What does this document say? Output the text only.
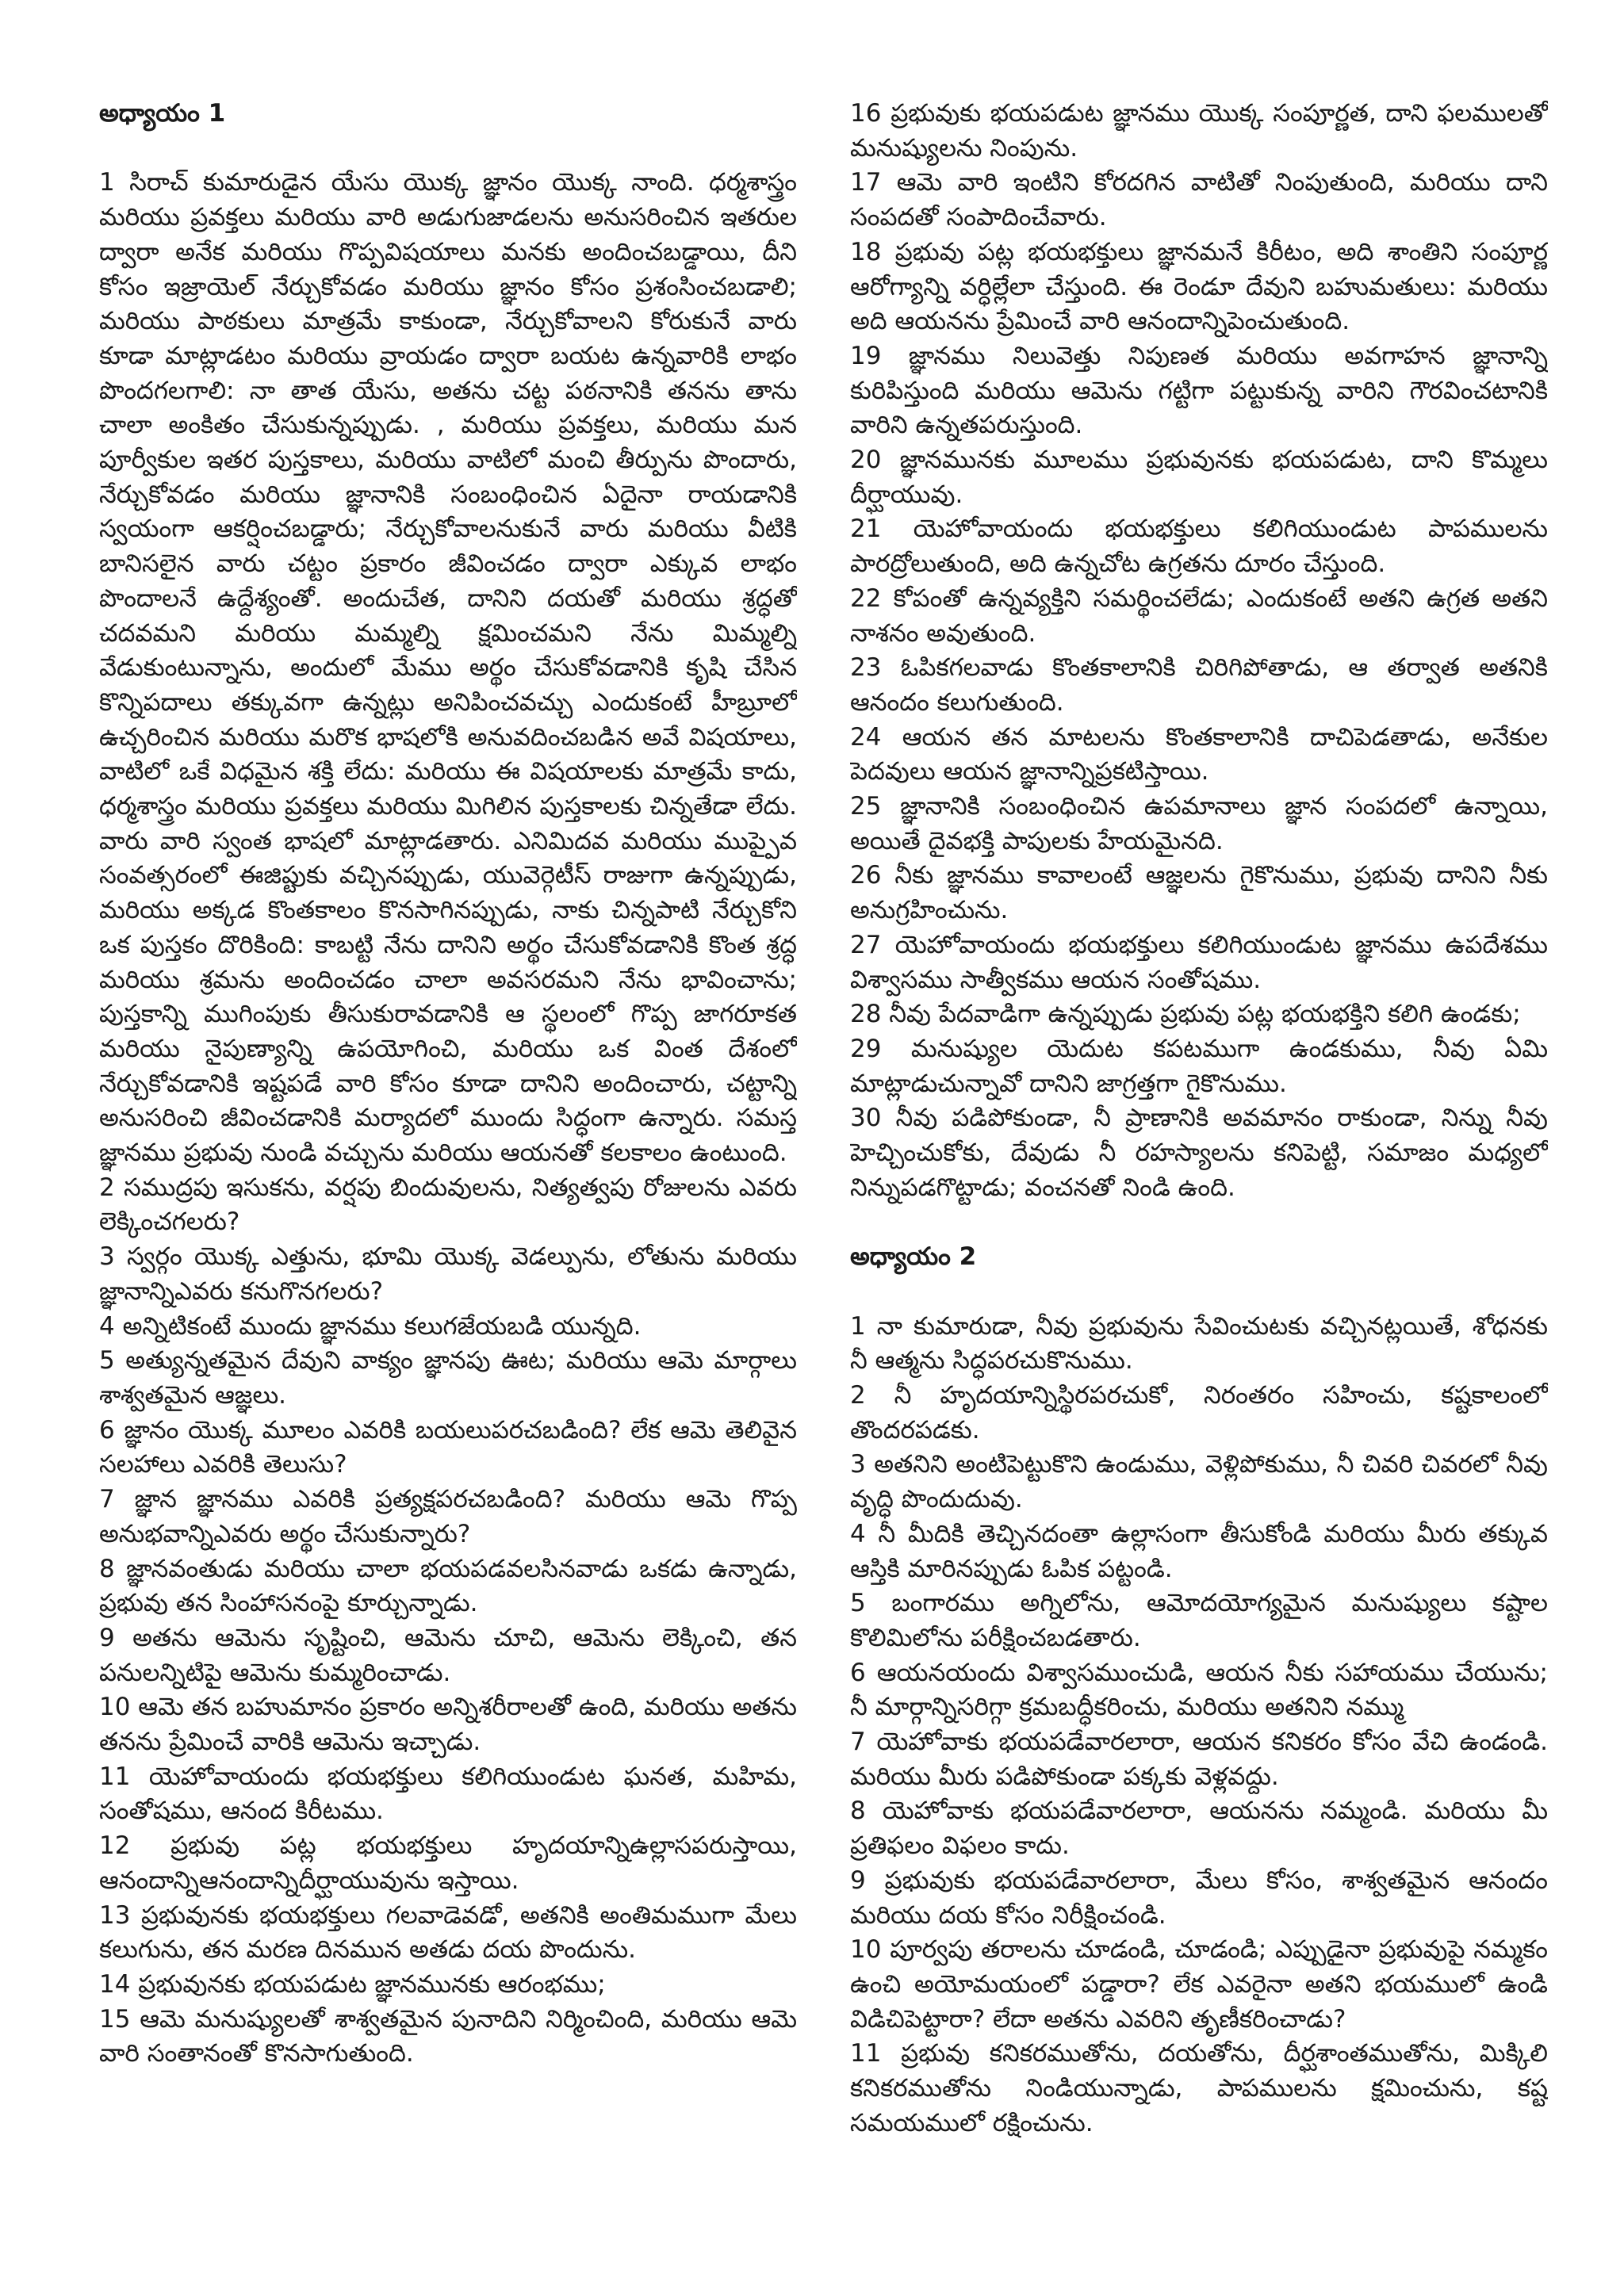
అధ్యాయం 1

1 సిరాచ్ కుమారుడైన యేసు యొక్క జ్ఞానం యొక్క నాంది. ధర్మశాస్త్రం మరియు ప్రవక్తలు మరియు వారి అడుగుజాడలను అనుసరించిన ఇతరుల ద్వారా అనేక మరియు గొప్పవిషయాలు మనకు అందించబడ్డాయి, దీని కోసం ఇజ్రాయెల్ నేర్చుకోవడం మరియు జ్ఞానం కోసం ప్రశంసించబడాలి; మరియు పాఠకులు మాత్రమే కాకుండా, నేర్చుకోవాలని కోరుకునే వారు కూడా మాట్లాడటం మరియు వ్రాయడం ద్వారా బయట ఉన్నవారికి లాభం పొందగలగాలి: నా తాత యేసు, అతను చట్ట పఠనానికి తనను తాను చాలా అంకితం చేసుకున్నప్పుడు. , మరియు ప్రవక్తలు, మరియు మన పూర్వీకుల ఇతర పుస్తకాలు, మరియు వాటిలో మంచి తీర్పును పొందారు, నేర్చుకోవడం మరియు జ్ఞానానికి సంబంధించిన ఏదైనా రాయడానికి స్వయంగా ఆకర్షించబడ్డారు; నేర్చుకోవాలనుకునే వారు మరియు వీటికి బానిసలైన వారు చట్టం ప్రకారం జీవించడం ద్వారా ఎక్కువ లాభం పొందాలనే ఉద్దేశ్యంతో. అందుచేత, దానిని దయతో మరియు శ్రద్ధతో చదవమని మరియు మమ్మల్ని క్షమించమని నేను మిమ్మల్ని వేడుకుంటున్నాను, అందులో మేము అర్థం చేసుకోవడానికి కృషి చేసిన కొన్నిపదాలు తక్కువగా ఉన్నట్లు అనిపించవచ్చు ఎందుకంటే హీబ్రూలో ఉచ్చరించిన మరియు మరొక భాషలోకి అనువదించబడిన అవే విషయాలు, వాటిలో ఒకే విధమైన శక్తి లేదు: మరియు ఈ విషయాలకు మాత్రమే కాదు, ధర్మశాస్త్రం మరియు ప్రవక్తలు మరియు మిగిలిన పుస్తకాలకు చిన్నతేడా లేదు. వారు వారి స్వంత భాషలో మాట్లాడతారు. ఎనిమిదవ మరియు ముప్పైవ సంవత్సరంలో ఈజిప్టుకు వచ్చినప్పుడు, యువెర్గెటీస్ రాజుగా ఉన్నప్పుడు, మరియు అక్కడ కొంతకాలం కొనసాగినప్పుడు, నాకు చిన్నపాటి నేర్చుకోని ఒక పుస్తకం దొరికింది: కాబట్టి నేను దానిని అర్థం చేసుకోవడానికి కొంత శ్రద్ధ మరియు శ్రమను అందించడం చాలా అవసరమని నేను భావించాను; పుస్తకాన్ని ముగింపుకు తీసుకురావడానికి ఆ స్థలంలో గొప్ప జాగరూకత మరియు నైపుణ్యాన్ని ఉపయోగించి, మరియు ఒక వింత దేశంలో నేర్చుకోవడానికి ఇష్టపడే వారి కోసం కూడా దానిని అందించారు, చట్టాన్ని అనుసరించి జీవించడానికి మర్యాదలో ముందు సిద్ధంగా ఉన్నారు. సమస్త జ్ఞానము ప్రభువు నుండి వచ్చును మరియు ఆయనతో కలకాలం ఉంటుంది.

2 సముద్రపు ఇసుకను, వర్షపు బిందువులను, నిత్యత్వపు రోజులను ఎవరు లెక్కించగలరు?

3 స్వర్గం యొక్క ఎత్తును, భూమి యొక్క వెడల్పును, లోతును మరియు జ్ఞానాన్నిఎవరు కనుగొనగలరు?

4 అన్నిటికంటే ముందు జ్ఞానము కలుగజేయబడి యున్నది.

5 అత్యున్నతమైన దేవుని వాక్యం జ్ఞానపు ఊట; మరియు ఆమె మార్గాలు శాశ్వతమైన ఆజ్ఞలు.

6 జ్ఞానం యొక్క మూలం ఎవరికి బయలుపరచబడింది? లేక ఆమె తెలివైన సలహాలు ఎవరికి తెలుసు?

7 జ్ఞాన జ్ఞానము ఎవరికి ప్రత్యక్షపరచబడింది? మరియు ఆమె గొప్ప అనుభవాన్నిఎవరు అర్థం చేసుకున్నారు?

8 జ్ఞానవంతుడు మరియు చాలా భయపడవలసినవాడు ఒకడు ఉన్నాడు, ప్రభువు తన సింహాసనంపై కూర్చున్నాడు.

9 అతను ఆమెను సృష్టించి, ఆమెను చూచి, ఆమెను లెక్కించి, తన పనులన్నిటిపై ఆమెను కుమ్మరించాడు.

10 ఆమె తన బహుమానం ప్రకారం అన్నిశరీరాలతో ఉంది, మరియు అతను తనను ప్రేమించే వారికి ఆమెను ఇచ్చాడు.

11 యెహోవాయందు భయభక్తులు కలిగియుండుట ఘనత, మహిమ, సంతోషము, ఆనంద కిరీటము.

12 ప్రభువు పట్ల భయభక్తులు హృదయాన్నిఉల్లాసపరుస్తాయి, ఆనందాన్నిఆనందాన్నిదీర్ఘాయువును ఇస్తాయి.

13 ప్రభువునకు భయభక్తులు గలవాడెవడో, అతనికి అంతిమముగా మేలు కలుగును, తన మరణ దినమున అతడు దయ పొందును.

14 ప్రభువునకు భయపడుట జ్ఞానమునకు ఆరంభము;

15 ఆమె మనుష్యులతో శాశ్వతమైన పునాదిని నిర్మించింది, మరియు ఆమె వారి సంతానంతో కొనసాగుతుంది.

16 ప్రభువుకు భయపడుట జ్ఞానము యొక్క సంపూర్ణత, దాని ఫలములతో మనుష్యులను నింపును.

17 ఆమె వారి ఇంటిని కోరదగిన వాటితో నింపుతుంది, మరియు దాని సంపదతో సంపాదించేవారు.

18 ప్రభువు పట్ల భయభక్తులు జ్ఞానమనే కిరీటం, అది శాంతిని సంపూర్ణ ఆరోగ్యాన్ని వర్ధిల్లేలా చేస్తుంది. ఈ రెండూ దేవుని బహుమతులు: మరియు అది ఆయనను ప్రేమించే వారి ఆనందాన్నిపెంచుతుంది.

19 జ్ఞానము నిలువెత్తు నిపుణత మరియు అవగాహన జ్ఞానాన్ని కురిపిస్తుంది మరియు ఆమెను గట్టిగా పట్టుకున్న వారిని గౌరవించటానికి వారిని ఉన్నతపరుస్తుంది.

20 జ్ఞానమునకు మూలము ప్రభువునకు భయపడుట, దాని కొమ్మలు దీర్ఘాయువు.

21 యెహోవాయందు భయభక్తులు కలిగియుండుట పాపములను పారద్రోలుతుంది, అది ఉన్నచోట ఉగ్రతను దూరం చేస్తుంది.

22 కోపంతో ఉన్నవ్యక్తిని సమర్థించలేడు; ఎందుకంటే అతని ఉగ్రత అతని నాశనం అవుతుంది.

23 ఓపికగలవాడు కొంతకాలానికి చిరిగిపోతాడు, ఆ తర్వాత అతనికి ఆనందం కలుగుతుంది.

24 ఆయన తన మాటలను కొంతకాలానికి దాచిపెడతాడు, అనేకుల పెదవులు ఆయన జ్ఞానాన్నిప్రకటిస్తాయి.

25 జ్ఞానానికి సంబంధించిన ఉపమానాలు జ్ఞాన సంపదలో ఉన్నాయి, అయితే దైవభక్తి పాపులకు హేయమైనది.

26 నీకు జ్ఞానము కావాలంటే ఆజ్ఞలను గైకొనుము, ప్రభువు దానిని నీకు అనుగ్రహించును.

27 యెహోవాయందు భయభక్తులు కలిగియుండుట జ్ఞానము ఉపదేశము విశ్వాసము సాత్వీకము ఆయన సంతోషము.

28 నీవు పేదవాడిగా ఉన్నప్పుడు ప్రభువు పట్ల భయభక్తిని కలిగి ఉండకు;

29 మనుష్యుల యెదుట కపటముగా ఉండకుము, నీవు ఏమి మాట్లాడుచున్నావో దానిని జాగ్రత్తగా గైకొనుము.

30 నీవు పడిపోకుండా, నీ ప్రాణానికి అవమానం రాకుండా, నిన్ను నీవు హెచ్చించుకోకు, దేవుడు నీ రహస్యాలను కనిపెట్టి, సమాజం మధ్యలో నిన్నుపడగొట్టాడు; వంచనతో నిండి ఉంది.

అధ్యాయం 2

1 నా కుమారుడా, నీవు ప్రభువును సేవించుటకు వచ్చినట్లయితే, శోధనకు నీ ఆత్మను సిద్ధపరచుకొనుము.

2 నీ హృదయాన్నిస్థిరపరచుకో, నిరంతరం సహించు, కష్టకాలంలో తొందరపడకు.

3 అతనిని అంటిపెట్టుకొని ఉండుము, వెళ్లిపోకుము, నీ చివరి చివరలో నీవు వృద్ధి పొందుదువు.

4 నీ మీదికి తెచ్చినదంతా ఉల్లాసంగా తీసుకోండి మరియు మీరు తక్కువ ఆస్తికి మారినప్పుడు ఓపిక పట్టండి.

5 బంగారము అగ్నిలోను, ఆమోదయోగ్యమైన మనుష్యులు కష్టాల కొలిమిలోను పరీక్షించబడతారు.

6 ఆయనయందు విశ్వాసముంచుడి, ఆయన నీకు సహాయము చేయును; నీ మార్గాన్నిసరిగ్గా క్రమబద్ధీకరించు, మరియు అతనిని నమ్ము

7 యెహోవాకు భయపడేవారలారా, ఆయన కనికరం కోసం వేచి ఉండండి. మరియు మీరు పడిపోకుండా పక్కకు వెళ్లవద్దు.

8 యెహోవాకు భయపడేవారలారా, ఆయనను నమ్మండి. మరియు మీ ప్రతిఫలం విఫలం కాదు.

9 ప్రభువుకు భయపడేవారలారా, మేలు కోసం, శాశ్వతమైన ఆనందం మరియు దయ కోసం నిరీక్షించండి.

10 పూర్వపు తరాలను చూడండి, చూడండి; ఎప్పుడైనా ప్రభువుపై నమ్మకం ఉంచి అయోమయంలో పడ్డారా? లేక ఎవరైనా అతని భయములో ఉండి విడిచిపెట్టారా? లేదా అతను ఎవరిని తృణీకరించాడు?

11 ప్రభువు కనికరముతోను, దయతోను, దీర్ఘశాంతముతోను, మిక్కిలి కనికరముతోను నిండియున్నాడు, పాపములను క్షమించును, కష్ట సమయములో రక్షించును.
